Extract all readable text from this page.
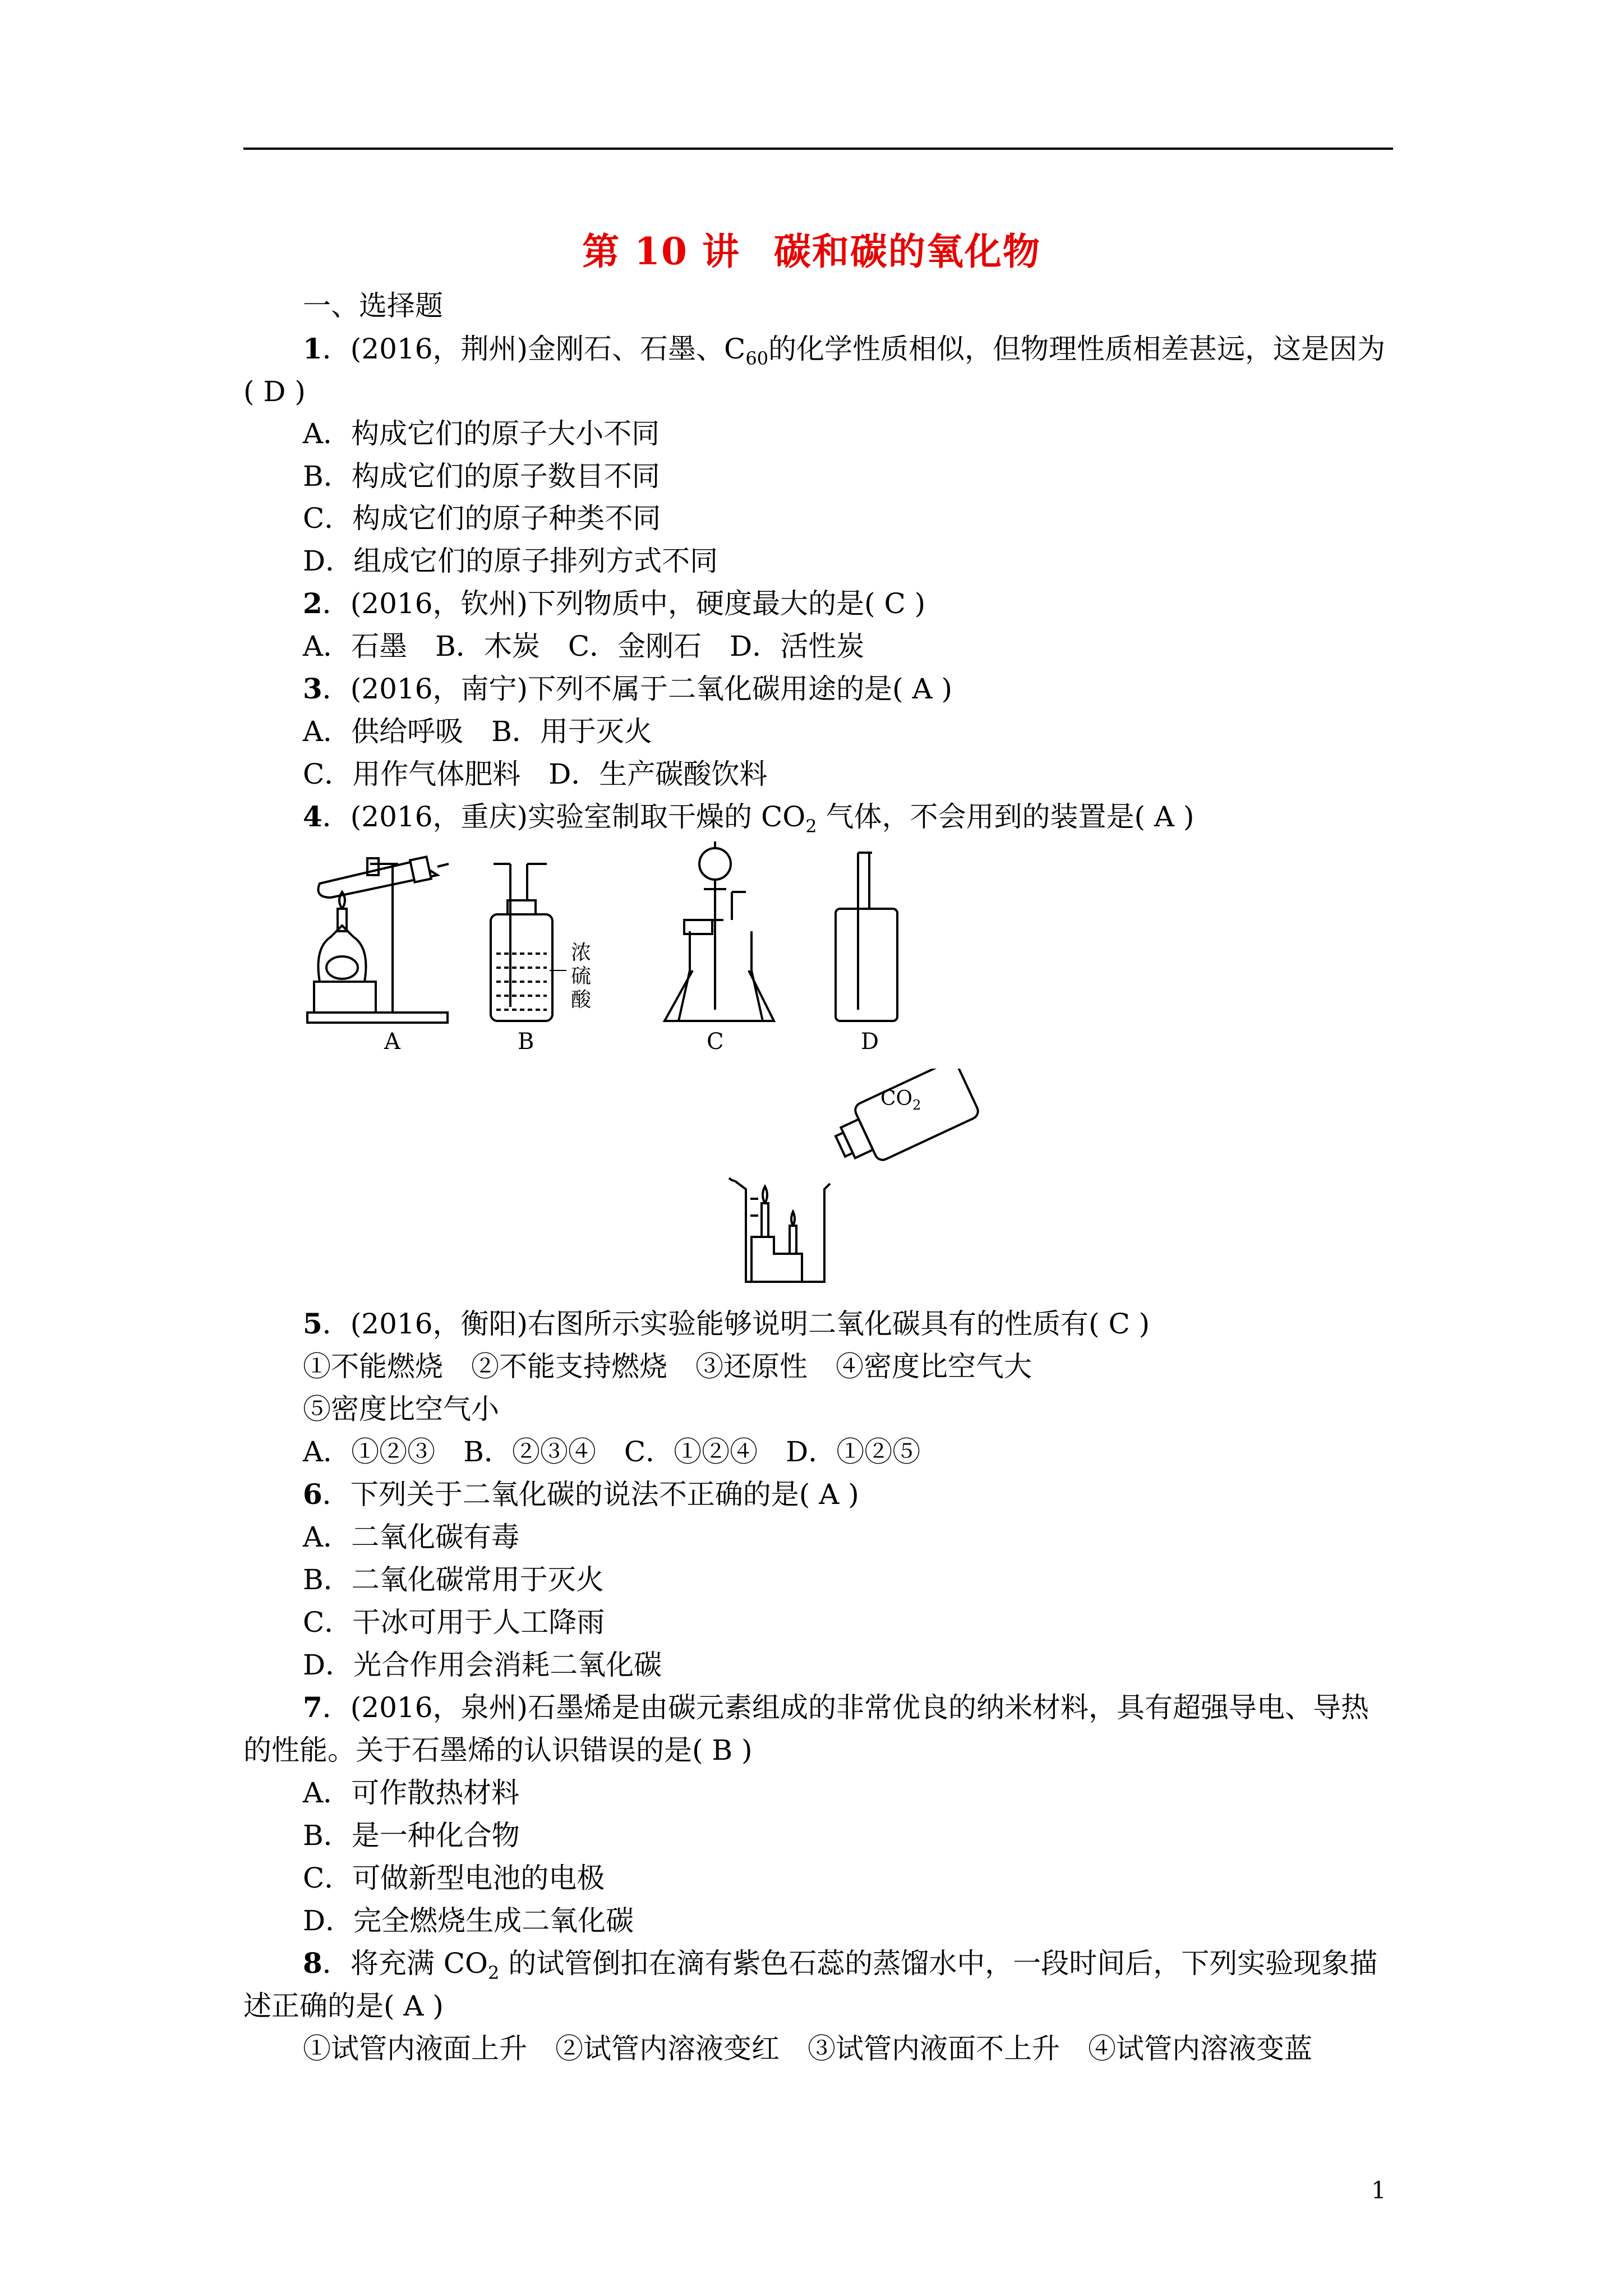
第 10 讲 碳和碳的氧化物
一、选择题
1．(2016，荆州)金刚石、石墨、$C_{60}$的化学性质相似，但物理性质相差甚远，这是因为
( D )
A．构成它们的原子大小不同
B．构成它们的原子数目不同
C．构成它们的原子种类不同
D．组成它们的原子排列方式不同
2．(2016，钦州)下列物质中，硬度最大的是( C )
A．石墨　B．木炭　C．金刚石　D．活性炭
3．(2016，南宁)下列不属于二氧化碳用途的是( A )
A．供给呼吸　B．用于灭火
C．用作气体肥料　D．生产碳酸饮料
4．(2016，重庆)实验室制取干燥的 $CO_2$ 气体，不会用到的装置是( A )
A
浓
硫
酸
B	C	D
$CO_2$
5．(2016，衡阳)右图所示实验能够说明二氧化碳具有的性质有( C )
①不能燃烧　②不能支持燃烧　③还原性　④密度比空气大
⑤密度比空气小
A．①②③　B．②③④　C．①②④　D．①②⑤
6．下列关于二氧化碳的说法不正确的是( A )
A．二氧化碳有毒
B．二氧化碳常用于灭火
C．干冰可用于人工降雨
D．光合作用会消耗二氧化碳
7．(2016，泉州)石墨烯是由碳元素组成的非常优良的纳米材料，具有超强导电、导热
的性能。关于石墨烯的认识错误的是( B )
A．可作散热材料
B．是一种化合物
C．可做新型电池的电极
D．完全燃烧生成二氧化碳
8．将充满 $CO_2$ 的试管倒扣在滴有紫色石蕊的蒸馏水中，一段时间后，下列实验现象描
述正确的是( A )
①试管内液面上升　②试管内溶液变红　③试管内液面不上升　④试管内溶液变蓝
1
